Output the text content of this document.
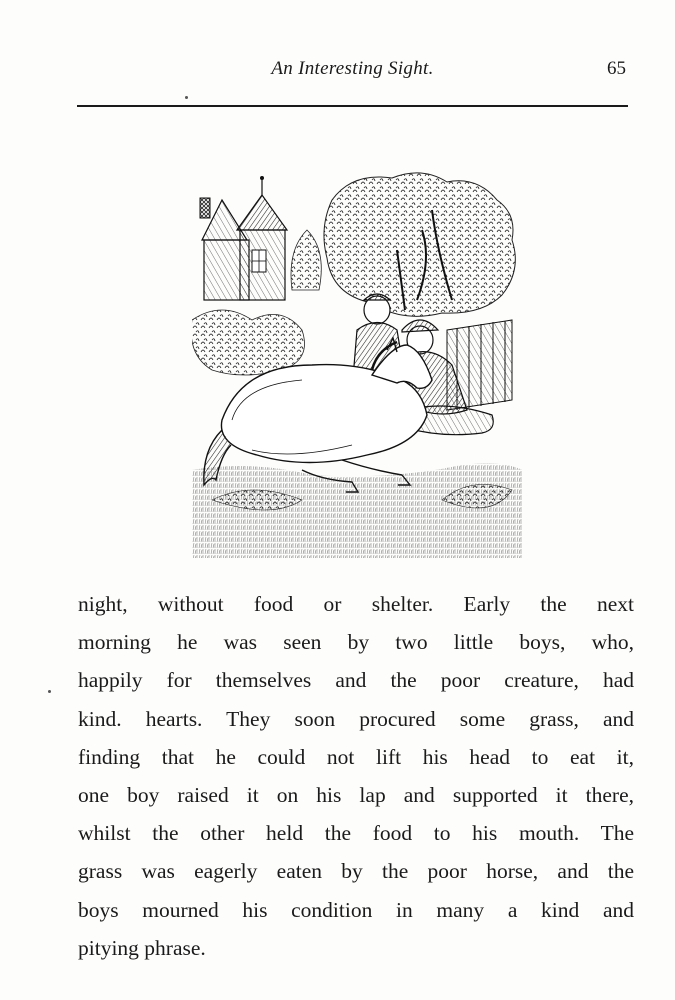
An Interesting Sight.	65
night, without food or shelter. Early the next
morning he was seen by two little boys, who,
happily for themselves and the poor creature, had
kind. hearts. They soon procured some grass, and
finding that he could not lift his head to eat it,
one boy raised it on his lap and supported it there,
whilst the other held the food to his mouth. The
grass was eagerly eaten by the poor horse, and the
boys mourned his condition in many a kind and
pitying phrase.
